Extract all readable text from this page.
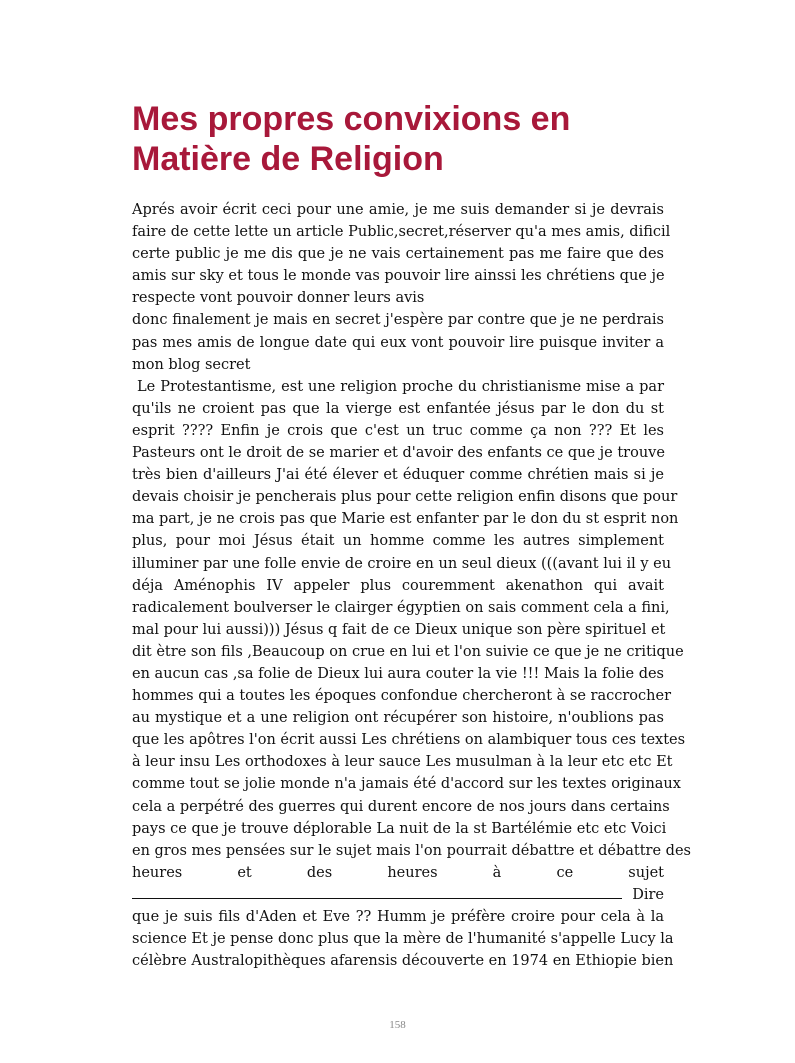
Mes propres convixions en
Matière de Religion
Aprés avoir écrit ceci pour une amie, je me suis demander si je devrais
faire de cette lette un article Public,secret,réserver qu'a mes amis, dificil
certe public je me dis que je ne vais certainement pas me faire que des
amis sur sky et tous le monde vas pouvoir lire ainssi les chrétiens que je
respecte vont pouvoir donner leurs avis
donc finalement je mais en secret j'espère par contre que je ne perdrais
pas mes amis de longue date qui eux vont pouvoir lire puisque inviter a
mon blog secret
Le Protestantisme, est une religion proche du christianisme mise a par
qu'ils ne croient pas que la vierge est enfantée jésus par le don du st
esprit ???? Enfin je crois que c'est un truc comme ça non ??? Et les
Pasteurs ont le droit de se marier et d'avoir des enfants ce que je trouve
très bien d'ailleurs J'ai été élever et éduquer comme chrétien mais si je
devais choisir je pencherais plus pour cette religion enfin disons que pour
ma part, je ne crois pas que Marie est enfanter par le don du st esprit non
plus, pour moi Jésus était un homme comme les autres simplement
illuminer par une folle envie de croire en un seul dieux (((avant lui il y eu
déja Aménophis IV appeler plus couremment akenathon qui avait
radicalement boulverser le clairger égyptien on sais comment cela a fini,
mal pour lui aussi))) Jésus q fait de ce Dieux unique son père spirituel et
dit ètre son fils ,Beaucoup on crue en lui et l'on suivie ce que je ne critique
en aucun cas ,sa folie de Dieux lui aura couter la vie !!! Mais la folie des
hommes qui a toutes les époques confondue chercheront à se raccrocher
au mystique et a une religion ont récupérer son histoire, n'oublions pas
que les apôtres l'on écrit aussi Les chrétiens on alambiquer tous ces textes
à leur insu Les orthodoxes à leur sauce Les musulman à la leur etc etc Et
comme tout se jolie monde n'a jamais été d'accord sur les textes originaux
cela a perpétré des guerres qui durent encore de nos jours dans certains
pays ce que je trouve déplorable La nuit de la st Bartélémie etc etc Voici
en gros mes pensées sur le sujet mais l'on pourrait débattre et débattre des
heures et des heures à ce sujet
Dire
que je suis fils d'Aden et Eve ?? Humm je préfère croire pour cela à la
science Et je pense donc plus que la mère de l'humanité s'appelle Lucy la
célèbre Australopithèques afarensis découverte en 1974 en Ethiopie bien
158
